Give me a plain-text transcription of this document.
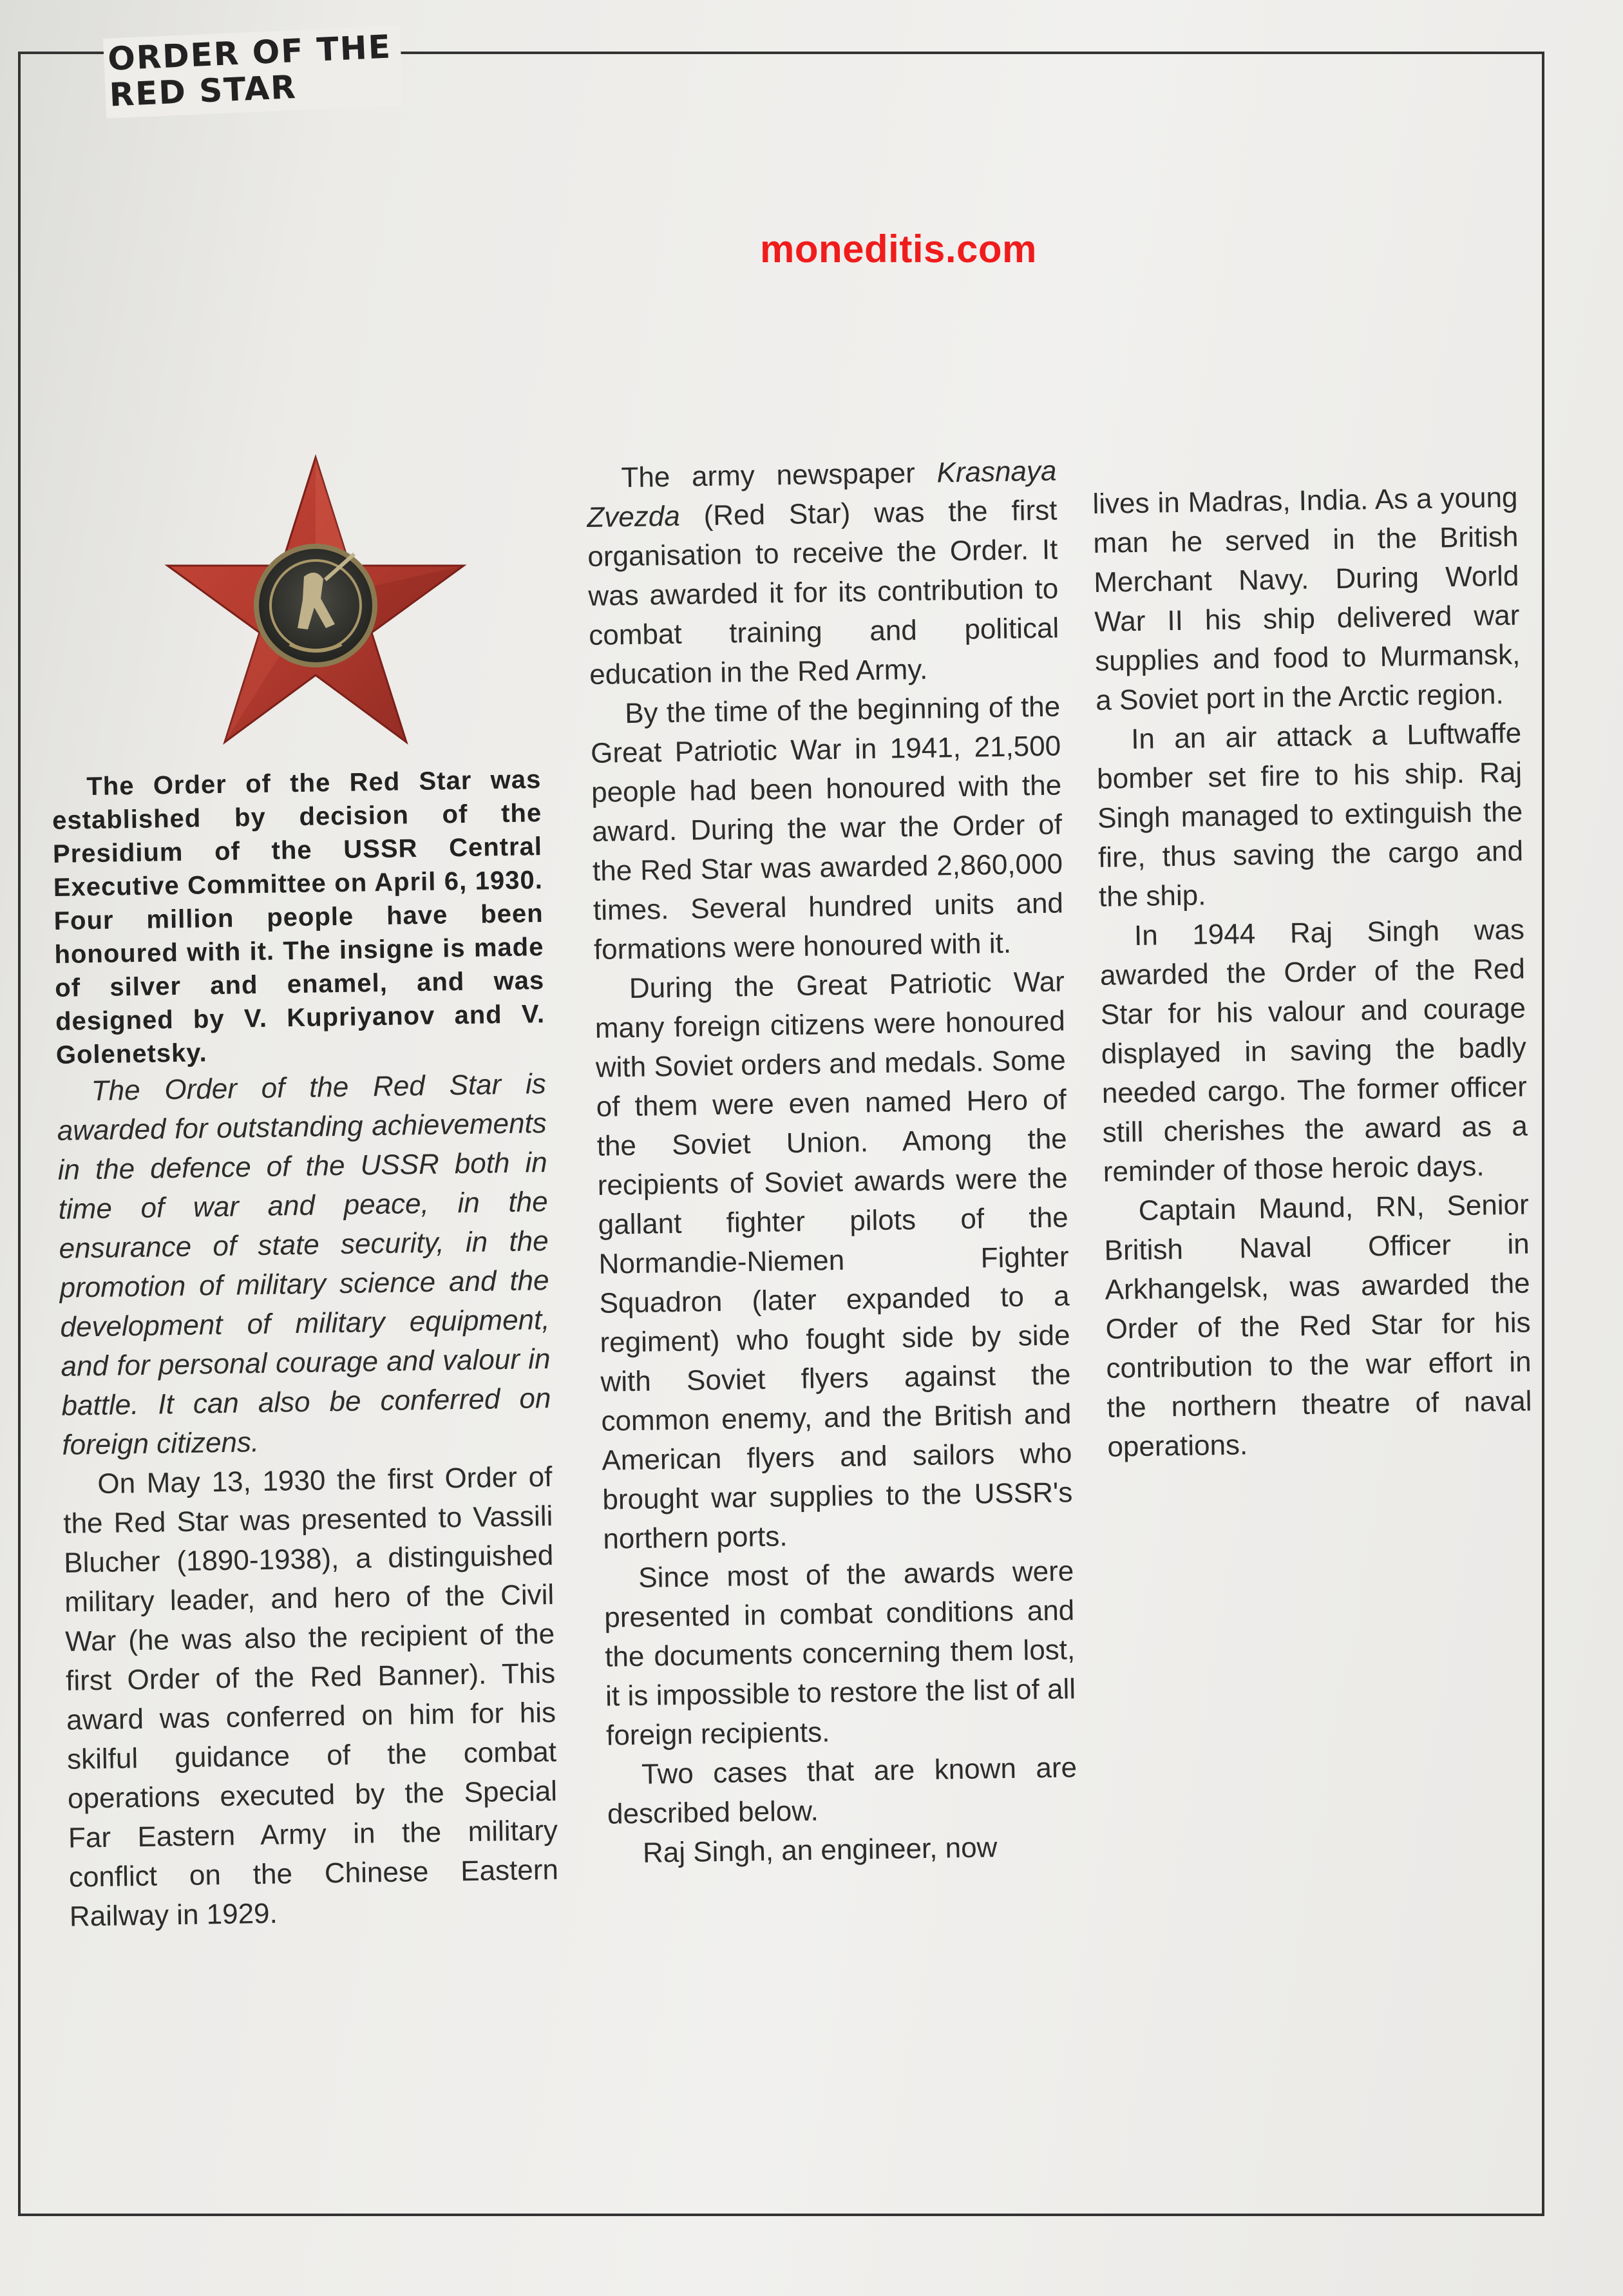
ORDER OF THE
RED STAR
moneditis.com

The Order of the Red Star was established by decision of the Presidium of the USSR Central Executive Committee on April 6, 1930. Four million people have been honoured with it. The insigne is made of silver and enamel, and was designed by V. Kupriyanov and V. Golenetsky.

The Order of the Red Star is awarded for outstanding achievements in the defence of the USSR both in time of war and peace, in the ensurance of state security, in the promotion of military science and the development of military equipment, and for personal courage and valour in battle. It can also be conferred on foreign citizens.

On May 13, 1930 the first Order of the Red Star was presented to Vassili Blucher (1890-1938), a distinguished military leader, and hero of the Civil War (he was also the recipient of the first Order of the Red Banner). This award was conferred on him for his skilful guidance of the combat operations executed by the Special Far Eastern Army in the military conflict on the Chinese Eastern Railway in 1929.

The army newspaper Krasnaya Zvezda (Red Star) was the first organisation to receive the Order. It was awarded it for its contribution to combat training and political education in the Red Army.

By the time of the beginning of the Great Patriotic War in 1941, 21,500 people had been honoured with the award. During the war the Order of the Red Star was awarded 2,860,000 times. Several hundred units and formations were honoured with it.

During the Great Patriotic War many foreign citizens were honoured with Soviet orders and medals. Some of them were even named Hero of the Soviet Union. Among the recipients of Soviet awards were the gallant fighter pilots of the Normandie-Niemen Fighter Squadron (later expanded to a regiment) who fought side by side with Soviet flyers against the common enemy, and the British and American flyers and sailors who brought war supplies to the USSR's northern ports.

Since most of the awards were presented in combat conditions and the documents concerning them lost, it is impossible to restore the list of all foreign recipients.

Two cases that are known are described below.

Raj Singh, an engineer, now

lives in Madras, India. As a young man he served in the British Merchant Navy. During World War II his ship delivered war supplies and food to Murmansk, a Soviet port in the Arctic region.

In an air attack a Luftwaffe bomber set fire to his ship. Raj Singh managed to extinguish the fire, thus saving the cargo and the ship.

In 1944 Raj Singh was awarded the Order of the Red Star for his valour and courage displayed in saving the badly needed cargo. The former officer still cherishes the award as a reminder of those heroic days.

Captain Maund, RN, Senior British Naval Officer in Arkhangelsk, was awarded the Order of the Red Star for his contribution to the war effort in the northern theatre of naval operations.
